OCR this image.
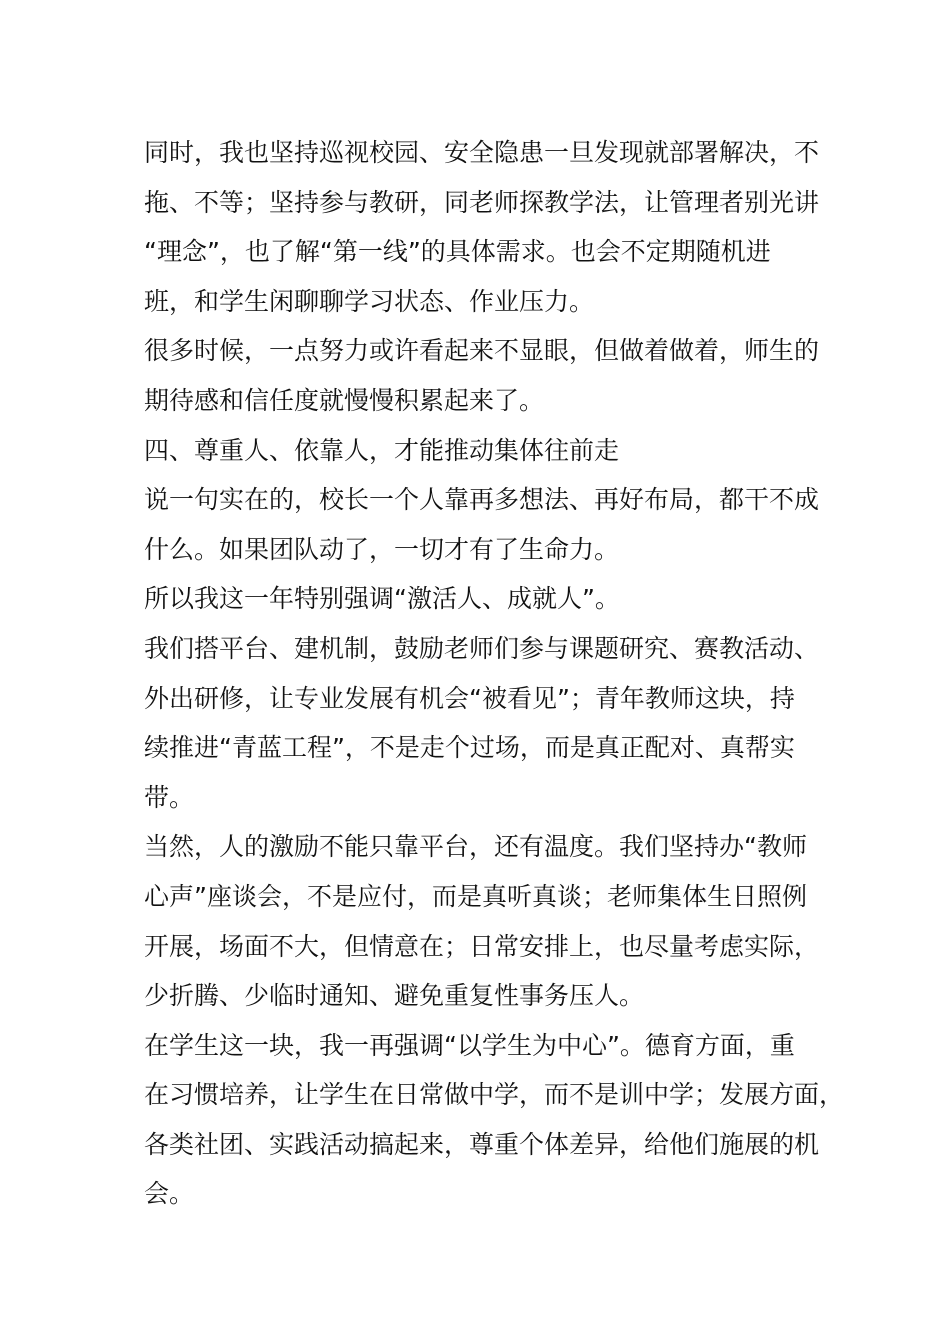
同时，我也坚持巡视校园、安全隐患一旦发现就部署解决，不
拖、不等；坚持参与教研，同老师探教学法，让管理者别光讲
“理念”，也了解“第一线”的具体需求。也会不定期随机进
班，和学生闲聊聊学习状态、作业压力。
很多时候，一点努力或许看起来不显眼，但做着做着，师生的
期待感和信任度就慢慢积累起来了。
四、尊重人、依靠人，才能推动集体往前走
说一句实在的，校长一个人靠再多想法、再好布局，都干不成
什么。如果团队动了，一切才有了生命力。
所以我这一年特别强调“激活人、成就人”。
我们搭平台、建机制，鼓励老师们参与课题研究、赛教活动、
外出研修，让专业发展有机会“被看见”；青年教师这块，持
续推进“青蓝工程”，不是走个过场，而是真正配对、真帮实
带。
当然，人的激励不能只靠平台，还有温度。我们坚持办“教师
心声”座谈会，不是应付，而是真听真谈；老师集体生日照例
开展，场面不大，但情意在；日常安排上，也尽量考虑实际，
少折腾、少临时通知、避免重复性事务压人。
在学生这一块，我一再强调“以学生为中心”。德育方面，重
在习惯培养，让学生在日常做中学，而不是训中学；发展方面，
各类社团、实践活动搞起来，尊重个体差异，给他们施展的机
会。
